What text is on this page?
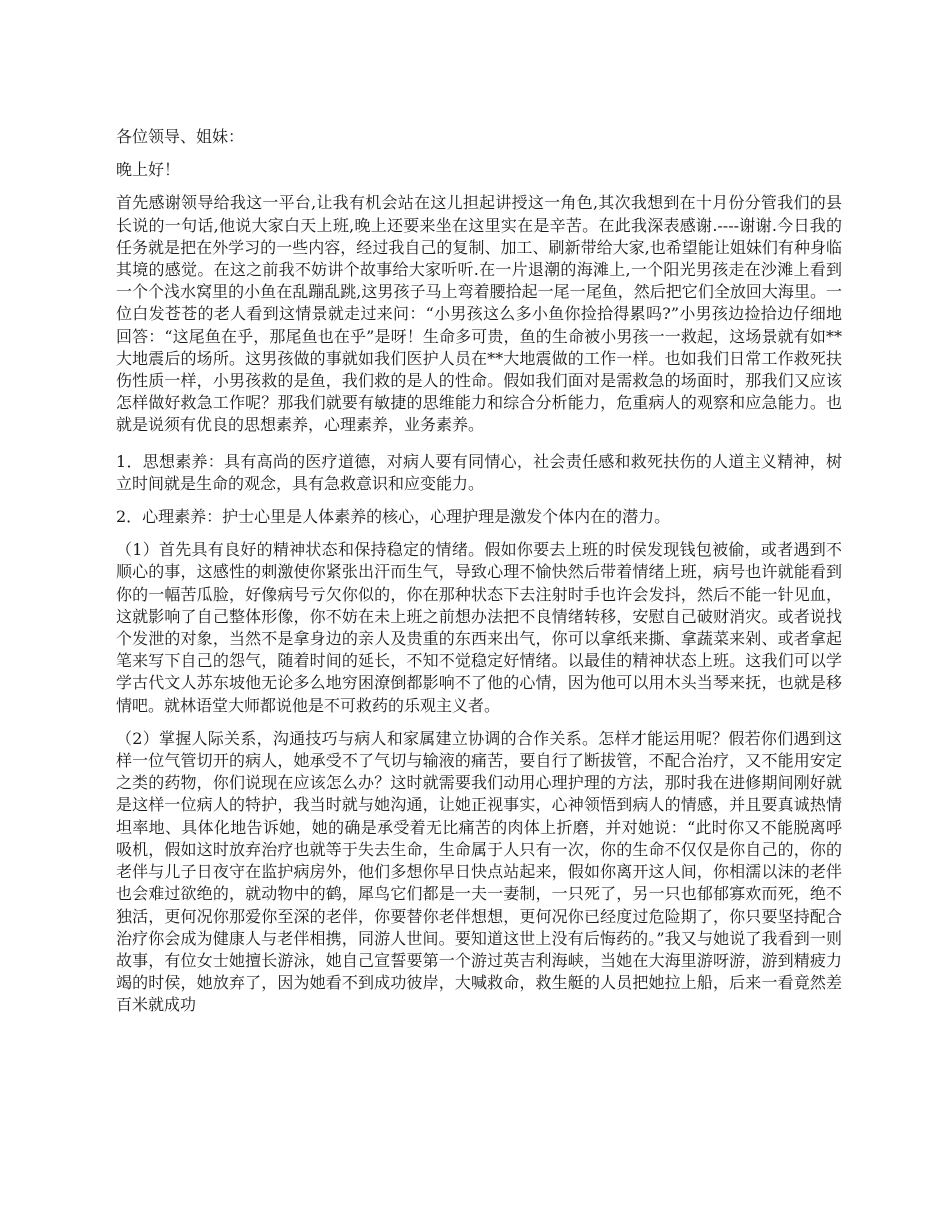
各位领导、姐妹：

晚上好！

首先感谢领导给我这一平台,让我有机会站在这儿担起讲授这一角色,其次我想到在十月份分管我们的县长说的一句话,他说大家白天上班,晚上还要来坐在这里实在是辛苦。在此我深表感谢.----谢谢.今日我的任务就是把在外学习的一些内容，经过我自己的复制、加工、刷新带给大家,也希望能让姐妹们有种身临其境的感觉。在这之前我不妨讲个故事给大家听听.在一片退潮的海滩上,一个阳光男孩走在沙滩上看到一个个浅水窝里的小鱼在乱蹦乱跳,这男孩子马上弯着腰拾起一尾一尾鱼，然后把它们全放回大海里。一位白发苍苍的老人看到这情景就走过来问：“小男孩这么多小鱼你捡拾得累吗?”小男孩边捡拾边仔细地回答：“这尾鱼在乎，那尾鱼也在乎”是呀！生命多可贵，鱼的生命被小男孩一一救起，这场景就有如**大地震后的场所。这男孩做的事就如我们医护人员在**大地震做的工作一样。也如我们日常工作救死扶伤性质一样，小男孩救的是鱼，我们救的是人的性命。假如我们面对是需救急的场面时，那我们又应该怎样做好救急工作呢？那我们就要有敏捷的思维能力和综合分析能力，危重病人的观察和应急能力。也就是说须有优良的思想素养，心理素养，业务素养。

1．思想素养：具有高尚的医疗道德，对病人要有同情心，社会责任感和救死扶伤的人道主义精神，树立时间就是生命的观念，具有急救意识和应变能力。

2．心理素养：护士心里是人体素养的核心，心理护理是激发个体内在的潜力。

（1）首先具有良好的精神状态和保持稳定的情绪。假如你要去上班的时侯发现钱包被偷，或者遇到不顺心的事，这感性的刺激使你紧张出汗而生气，导致心理不愉快然后带着情绪上班，病号也许就能看到你的一幅苦瓜脸，好像病号亏欠你似的，你在那种状态下去注射时手也许会发抖，然后不能一针见血，这就影响了自己整体形像，你不妨在未上班之前想办法把不良情绪转移，安慰自己破财消灾。或者说找个发泄的对象，当然不是拿身边的亲人及贵重的东西来出气，你可以拿纸来撕、拿蔬菜来剁、或者拿起笔来写下自己的怨气，随着时间的延长，不知不觉稳定好情绪。以最佳的精神状态上班。这我们可以学学古代文人苏东坡他无论多么地穷困潦倒都影响不了他的心情，因为他可以用木头当琴来抚，也就是移情吧。就林语堂大师都说他是不可救药的乐观主义者。

（2）掌握人际关系，沟通技巧与病人和家属建立协调的合作关系。怎样才能运用呢？假若你们遇到这样一位气管切开的病人，她承受不了气切与输液的痛苦，要自行了断拔管，不配合治疗，又不能用安定之类的药物，你们说现在应该怎么办？这时就需要我们动用心理护理的方法，那时我在进修期间刚好就是这样一位病人的特护，我当时就与她沟通，让她正视事实，心神领悟到病人的情感，并且要真诚热情坦率地、具体化地告诉她，她的确是承受着无比痛苦的肉体上折磨，并对她说：“此时你又不能脱离呼吸机，假如这时放弃治疗也就等于失去生命，生命属于人只有一次，你的生命不仅仅是你自己的，你的老伴与儿子日夜守在监护病房外，他们多想你早日快点站起来，假如你离开这人间，你相濡以沫的老伴也会难过欲绝的，就动物中的鹤，犀鸟它们都是一夫一妻制，一只死了，另一只也郁郁寡欢而死，绝不独活，更何况你那爱你至深的老伴，你要替你老伴想想，更何况你已经度过危险期了，你只要坚持配合治疗你会成为健康人与老伴相携，同游人世间。要知道这世上没有后悔药的。”我又与她说了我看到一则故事，有位女士她擅长游泳，她自己宣誓要第一个游过英吉利海峡，当她在大海里游呀游，游到精疲力竭的时侯，她放弃了，因为她看不到成功彼岸，大喊救命，救生艇的人员把她拉上船，后来一看竟然差百米就成功
